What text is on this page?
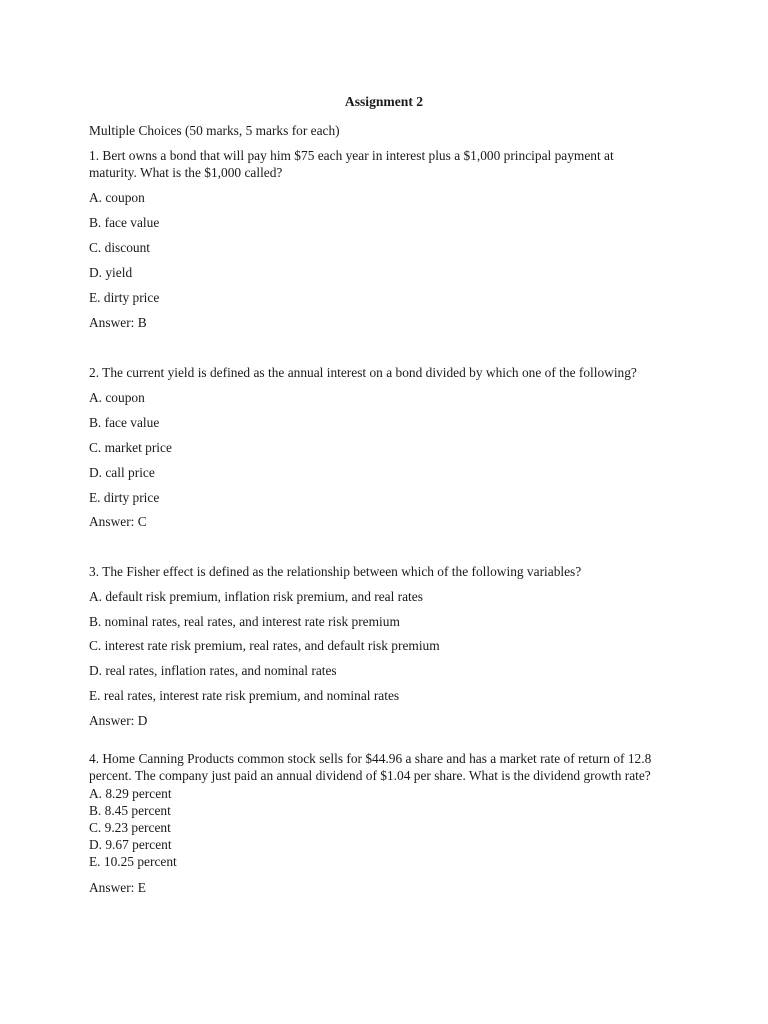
Assignment 2
Multiple Choices (50 marks, 5 marks for each)
1. Bert owns a bond that will pay him $75 each year in interest plus a $1,000 principal payment at
maturity. What is the $1,000 called?
A. coupon
B. face value
C. discount
D. yield
E. dirty price
Answer: B
2. The current yield is defined as the annual interest on a bond divided by which one of the following?
A. coupon
B. face value
C. market price
D. call price
E. dirty price
Answer: C
3. The Fisher effect is defined as the relationship between which of the following variables?
A. default risk premium, inflation risk premium, and real rates
B. nominal rates, real rates, and interest rate risk premium
C. interest rate risk premium, real rates, and default risk premium
D. real rates, inflation rates, and nominal rates
E. real rates, interest rate risk premium, and nominal rates
Answer: D
4. Home Canning Products common stock sells for $44.96 a share and has a market rate of return of 12.8
percent. The company just paid an annual dividend of $1.04 per share. What is the dividend growth rate?
A. 8.29 percent
B. 8.45 percent
C. 9.23 percent
D. 9.67 percent
E. 10.25 percent
Answer: E
